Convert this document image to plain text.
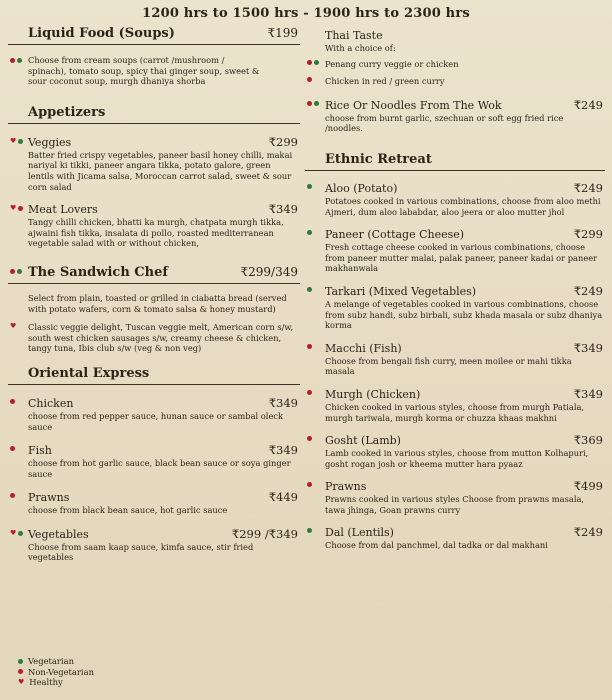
1200 hrs to 1500 hrs - 1900 hrs to 2300 hrs
Liquid Food (Soups)	₹199
Choose from cream soups (carrot /mushroom / spinach), tomato soup, spicy thai ginger soup, sweet & sour coconut soup, murgh dhaniya shorba
Appetizers
♥ Veggies	₹299
Batter fried crispy vegetables, paneer basil honey chilli, makai nariyal ki tikki, paneer angara tikka, potato galore, green lentils with Jicama salsa, Moroccan carrot salad, sweet & sour corn salad
♥ Meat Lovers	₹349
Tangy chilli chicken, bhatti ka murgh, chatpata murgh tikka, ajwaini fish tikka, insalata di pollo, roasted mediterranean vegetable salad with or without chicken,
The Sandwich Chef	₹299/349
Select from plain, toasted or grilled in ciabatta bread (served with potato wafers, corn & tomato salsa & honey mustard)
♥ Classic veggie delight, Tuscan veggie melt, American corn s/w, south west chicken sausages s/w, creamy cheese & chicken, tangy tuna, Ibis club s/w (veg & non veg)
Oriental Express
Chicken	₹349
choose from red pepper sauce, hunan sauce or sambal oleck sauce
Fish	₹349
choose from hot garlic sauce, black bean sauce or soya ginger sauce
Prawns	₹449
choose from black bean sauce, hot garlic sauce
♥ Vegetables	₹299 /₹349
Choose from saam kaap sauce, kimfa sauce, stir fried vegetables
Vegetarian
Non-Vegetarian
♥ Healthy
Thai Taste
With a choice of:
Penang curry veggie or chicken
Chicken in red / green curry
Rice Or Noodles From The Wok	₹249
choose from burnt garlic, szechuan or soft egg fried rice /noodles.
Ethnic Retreat
Aloo (Potato)	₹249
Potatoes cooked in various combinations, choose from aloo methi Ajmeri, dum aloo lababdar, aloo jeera or aloo mutter jhol
Paneer (Cottage Cheese)	₹299
Fresh cottage cheese cooked in various combinations, choose from paneer mutter malai, palak paneer, paneer kadai or paneer makhanwala
Tarkari (Mixed Vegetables)	₹249
A melange of vegetables cooked in various combinations, choose from subz handi, subz birbali, subz khada masala or subz dhaniya korma
Macchi (Fish)	₹349
Choose from bengali fish curry, meen moilee or mahi tikka masala
Murgh (Chicken)	₹349
Chicken cooked in various styles, choose from murgh Patiala, murgh tariwala, murgh korma or chuzza khaas makhni
Gosht (Lamb)	₹369
Lamb cooked in various styles, choose from mutton Kolhapuri, gosht rogan josh or kheema mutter hara pyaaz
Prawns	₹499
Prawns cooked in various styles Choose from prawns masala, tawa jhinga, Goan prawns curry
Dal (Lentils)	₹249
Choose from dal panchmel, dal tadka or dal makhani
